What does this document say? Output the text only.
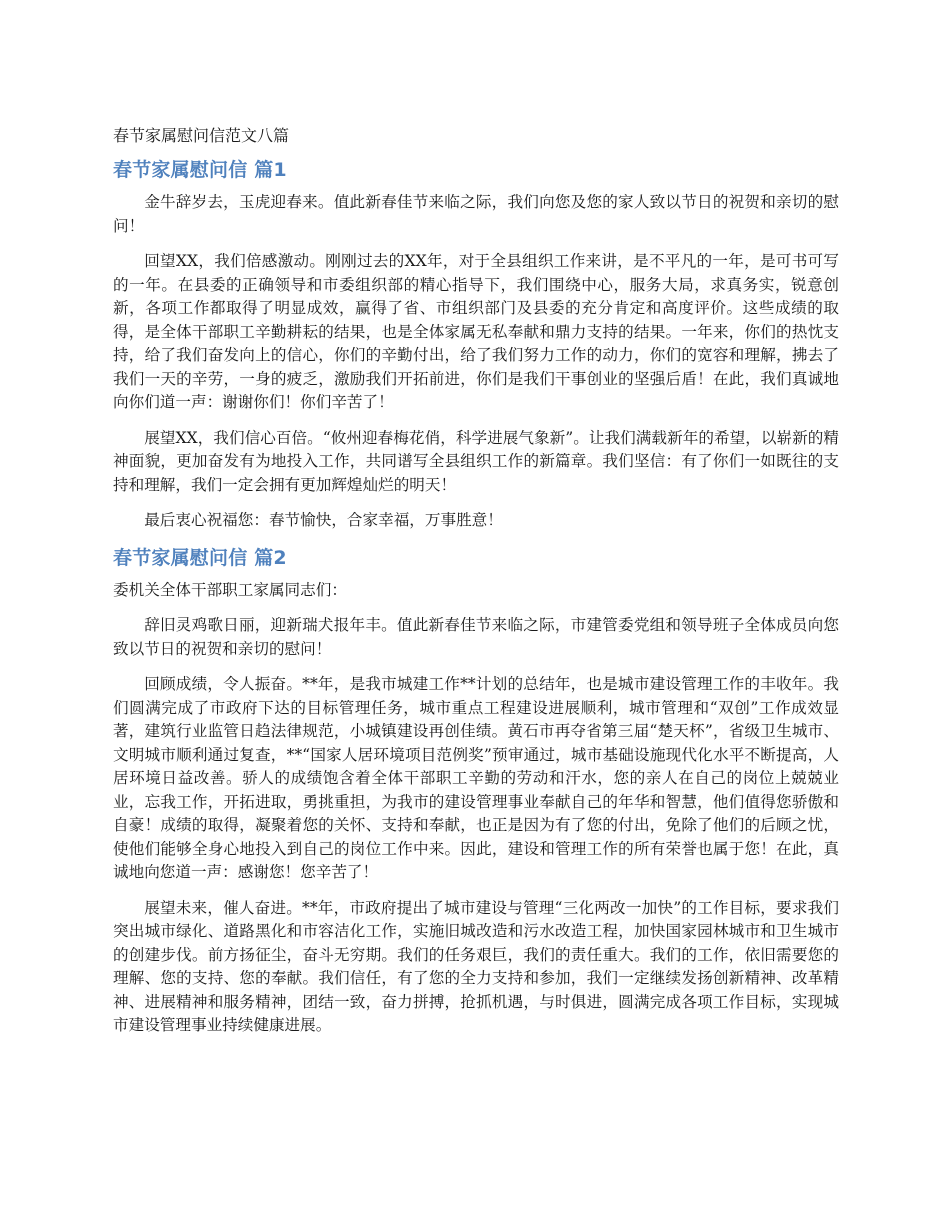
春节家属慰问信范文八篇

春节家属慰问信 篇1

金牛辞岁去，玉虎迎春来。值此新春佳节来临之际，我们向您及您的家人致以节日的祝贺和亲切的慰问！

回望XX，我们倍感激动。刚刚过去的XX年，对于全县组织工作来讲，是不平凡的一年，是可书可写的一年。在县委的正确领导和市委组织部的精心指导下，我们围绕中心，服务大局，求真务实，锐意创新，各项工作都取得了明显成效，赢得了省、市组织部门及县委的充分肯定和高度评价。这些成绩的取得，是全体干部职工辛勤耕耘的结果，也是全体家属无私奉献和鼎力支持的结果。一年来，你们的热忱支持，给了我们奋发向上的信心，你们的辛勤付出，给了我们努力工作的动力，你们的宽容和理解，拂去了我们一天的辛劳，一身的疲乏，激励我们开拓前进，你们是我们干事创业的坚强后盾！在此，我们真诚地向你们道一声：谢谢你们！你们辛苦了！

展望XX，我们信心百倍。“攸州迎春梅花俏，科学进展气象新”。让我们满载新年的希望，以崭新的精神面貌，更加奋发有为地投入工作，共同谱写全县组织工作的新篇章。我们坚信：有了你们一如既往的支持和理解，我们一定会拥有更加辉煌灿烂的明天！

最后衷心祝福您：春节愉快，合家幸福，万事胜意！

春节家属慰问信 篇2

委机关全体干部职工家属同志们：

辞旧灵鸡歌日丽，迎新瑞犬报年丰。值此新春佳节来临之际，市建管委党组和领导班子全体成员向您致以节日的祝贺和亲切的慰问！

回顾成绩，令人振奋。**年，是我市城建工作**计划的总结年，也是城市建设管理工作的丰收年。我们圆满完成了市政府下达的目标管理任务，城市重点工程建设进展顺利，城市管理和“双创”工作成效显著，建筑行业监管日趋法律规范，小城镇建设再创佳绩。黄石市再夺省第三届“楚天杯”，省级卫生城市、文明城市顺利通过复查，**“国家人居环境项目范例奖”预审通过，城市基础设施现代化水平不断提高，人居环境日益改善。骄人的成绩饱含着全体干部职工辛勤的劳动和汗水，您的亲人在自己的岗位上兢兢业业，忘我工作，开拓进取，勇挑重担，为我市的建设管理事业奉献自己的年华和智慧，他们值得您骄傲和自豪！成绩的取得，凝聚着您的关怀、支持和奉献，也正是因为有了您的付出，免除了他们的后顾之忧，使他们能够全身心地投入到自己的岗位工作中来。因此，建设和管理工作的所有荣誉也属于您！在此，真诚地向您道一声：感谢您！您辛苦了！

展望未来，催人奋进。**年，市政府提出了城市建设与管理“三化两改一加快”的工作目标，要求我们突出城市绿化、道路黑化和市容洁化工作，实施旧城改造和污水改造工程，加快国家园林城市和卫生城市的创建步伐。前方扬征尘，奋斗无穷期。我们的任务艰巨，我们的责任重大。我们的工作，依旧需要您的理解、您的支持、您的奉献。我们信任，有了您的全力支持和参加，我们一定继续发扬创新精神、改革精神、进展精神和服务精神，团结一致，奋力拼搏，抢抓机遇，与时俱进，圆满完成各项工作目标，实现城市建设管理事业持续健康进展。
